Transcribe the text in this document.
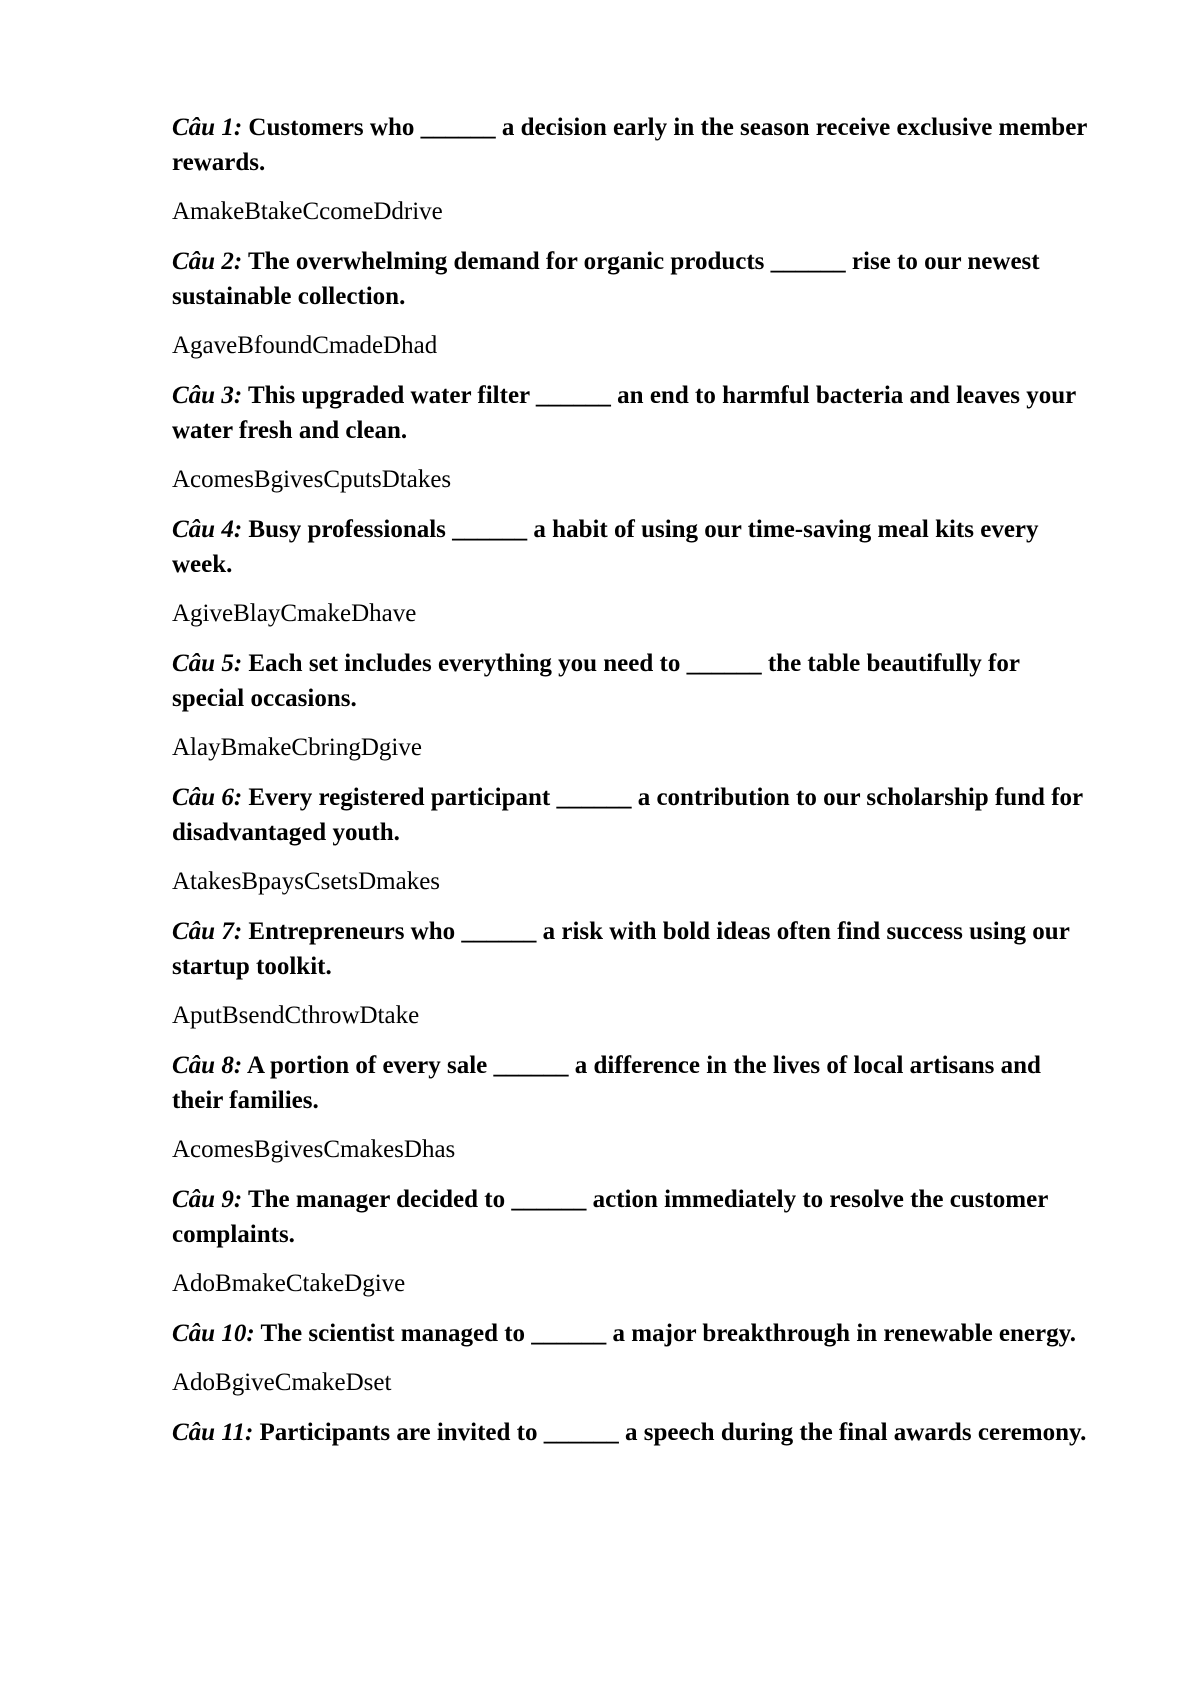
Câu 1: Customers who ______ a decision early in the season receive exclusive member rewards.

AmakeBtakeCcomeDdrive

Câu 2: The overwhelming demand for organic products ______ rise to our newest sustainable collection.

AgaveBfoundCmadeDhad

Câu 3: This upgraded water filter ______ an end to harmful bacteria and leaves your water fresh and clean.

AcomesBgivesCputsDtakes

Câu 4: Busy professionals ______ a habit of using our time-saving meal kits every week.

AgiveBlayCmakeDhave

Câu 5: Each set includes everything you need to ______ the table beautifully for special occasions.

AlayBmakeCbringDgive

Câu 6: Every registered participant ______ a contribution to our scholarship fund for disadvantaged youth.

AtakesBpaysCsetsDmakes

Câu 7: Entrepreneurs who ______ a risk with bold ideas often find success using our startup toolkit.

AputBsendCthrowDtake

Câu 8: A portion of every sale ______ a difference in the lives of local artisans and their families.

AcomesBgivesCmakesDhas

Câu 9: The manager decided to ______ action immediately to resolve the customer complaints.

AdoBmakeCtakeDgive

Câu 10: The scientist managed to ______ a major breakthrough in renewable energy.

AdoBgiveCmakeDset

Câu 11: Participants are invited to ______ a speech during the final awards ceremony.
